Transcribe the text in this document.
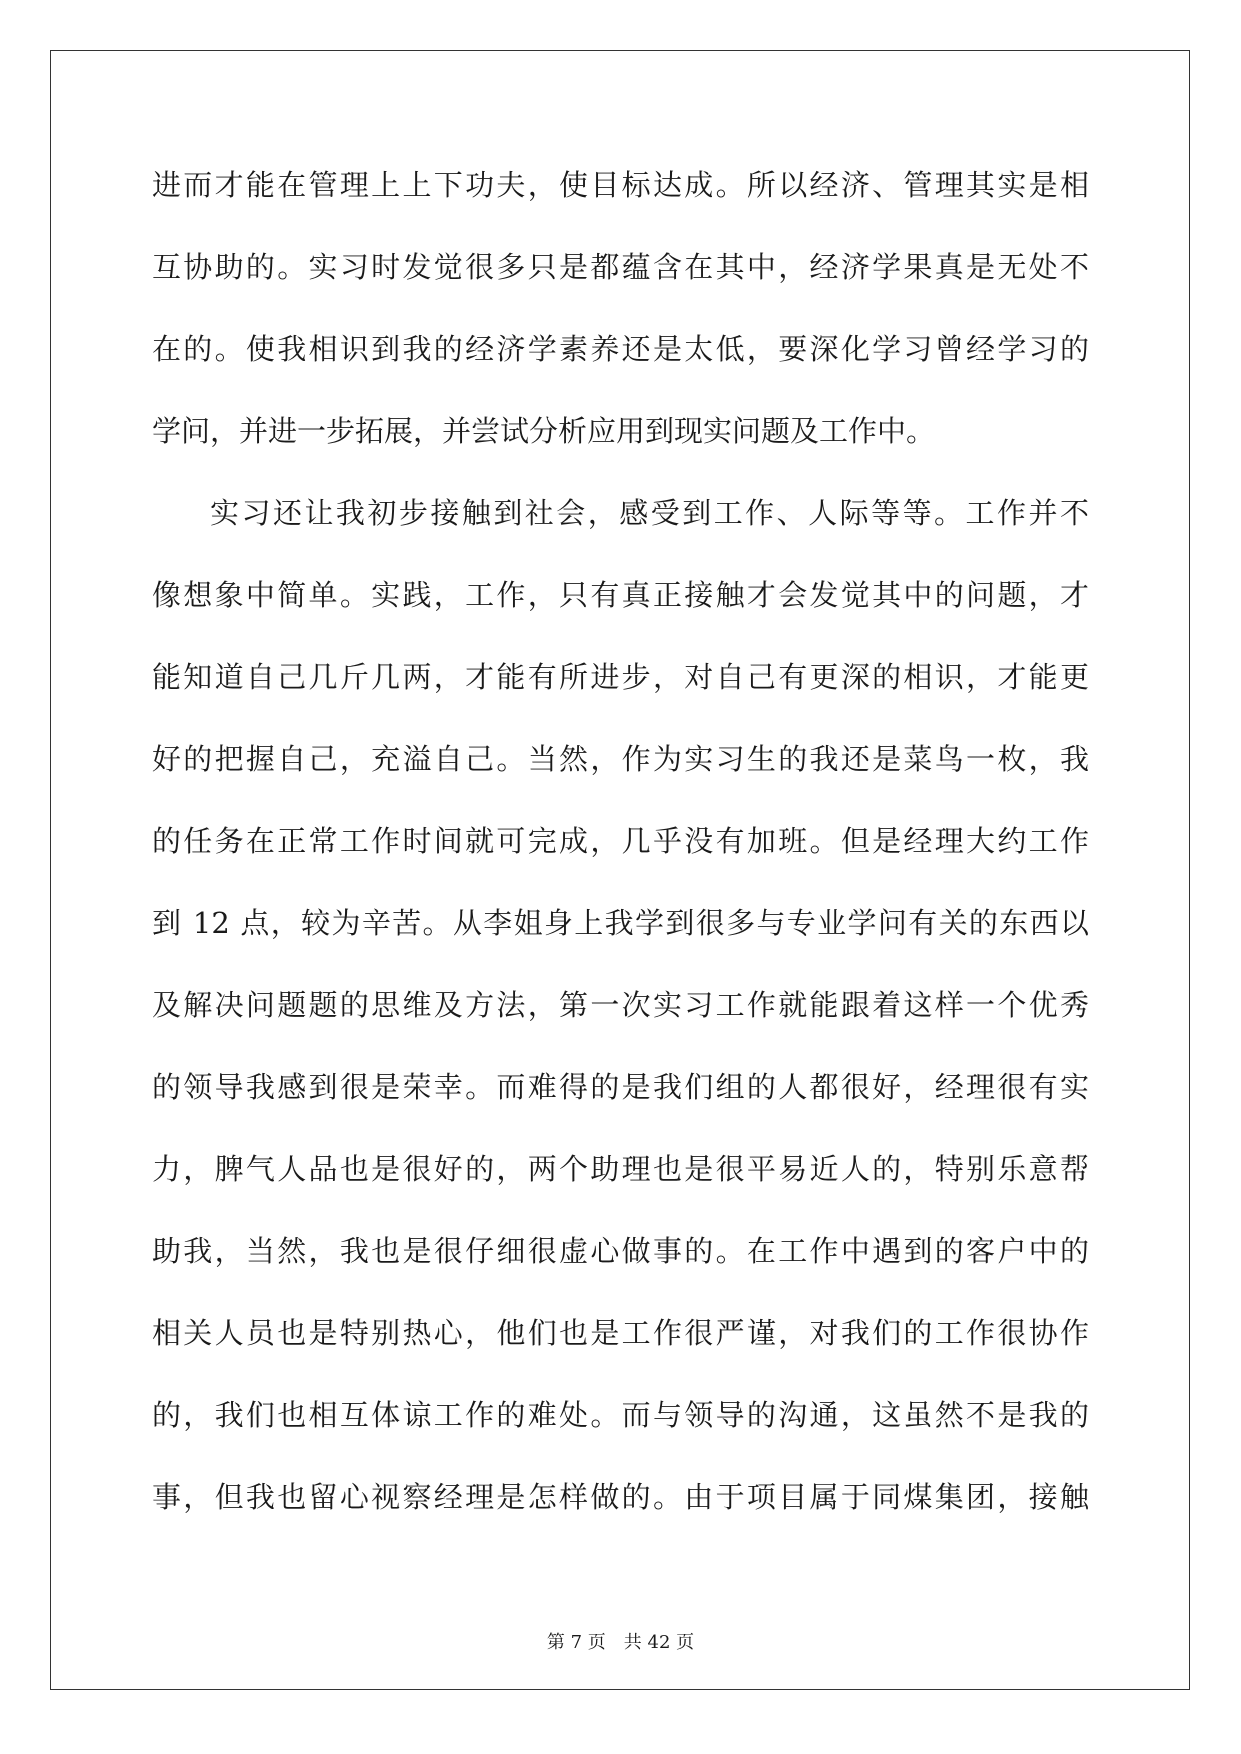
进而才能在管理上上下功夫，使目标达成。所以经济、管理其实是相
互协助的。实习时发觉很多只是都蕴含在其中，经济学果真是无处不
在的。使我相识到我的经济学素养还是太低，要深化学习曾经学习的
学问，并进一步拓展，并尝试分析应用到现实问题及工作中。
实习还让我初步接触到社会，感受到工作、人际等等。工作并不
像想象中简单。实践，工作，只有真正接触才会发觉其中的问题，才
能知道自己几斤几两，才能有所进步，对自己有更深的相识，才能更
好的把握自己，充溢自己。当然，作为实习生的我还是菜鸟一枚，我
的任务在正常工作时间就可完成，几乎没有加班。但是经理大约工作
到 12 点，较为辛苦。从李姐身上我学到很多与专业学问有关的东西以
及解决问题题的思维及方法，第一次实习工作就能跟着这样一个优秀
的领导我感到很是荣幸。而难得的是我们组的人都很好，经理很有实
力，脾气人品也是很好的，两个助理也是很平易近人的，特别乐意帮
助我，当然，我也是很仔细很虚心做事的。在工作中遇到的客户中的
相关人员也是特别热心，他们也是工作很严谨，对我们的工作很协作
的，我们也相互体谅工作的难处。而与领导的沟通，这虽然不是我的
事，但我也留心视察经理是怎样做的。由于项目属于同煤集团，接触
第 7 页 共 42 页
